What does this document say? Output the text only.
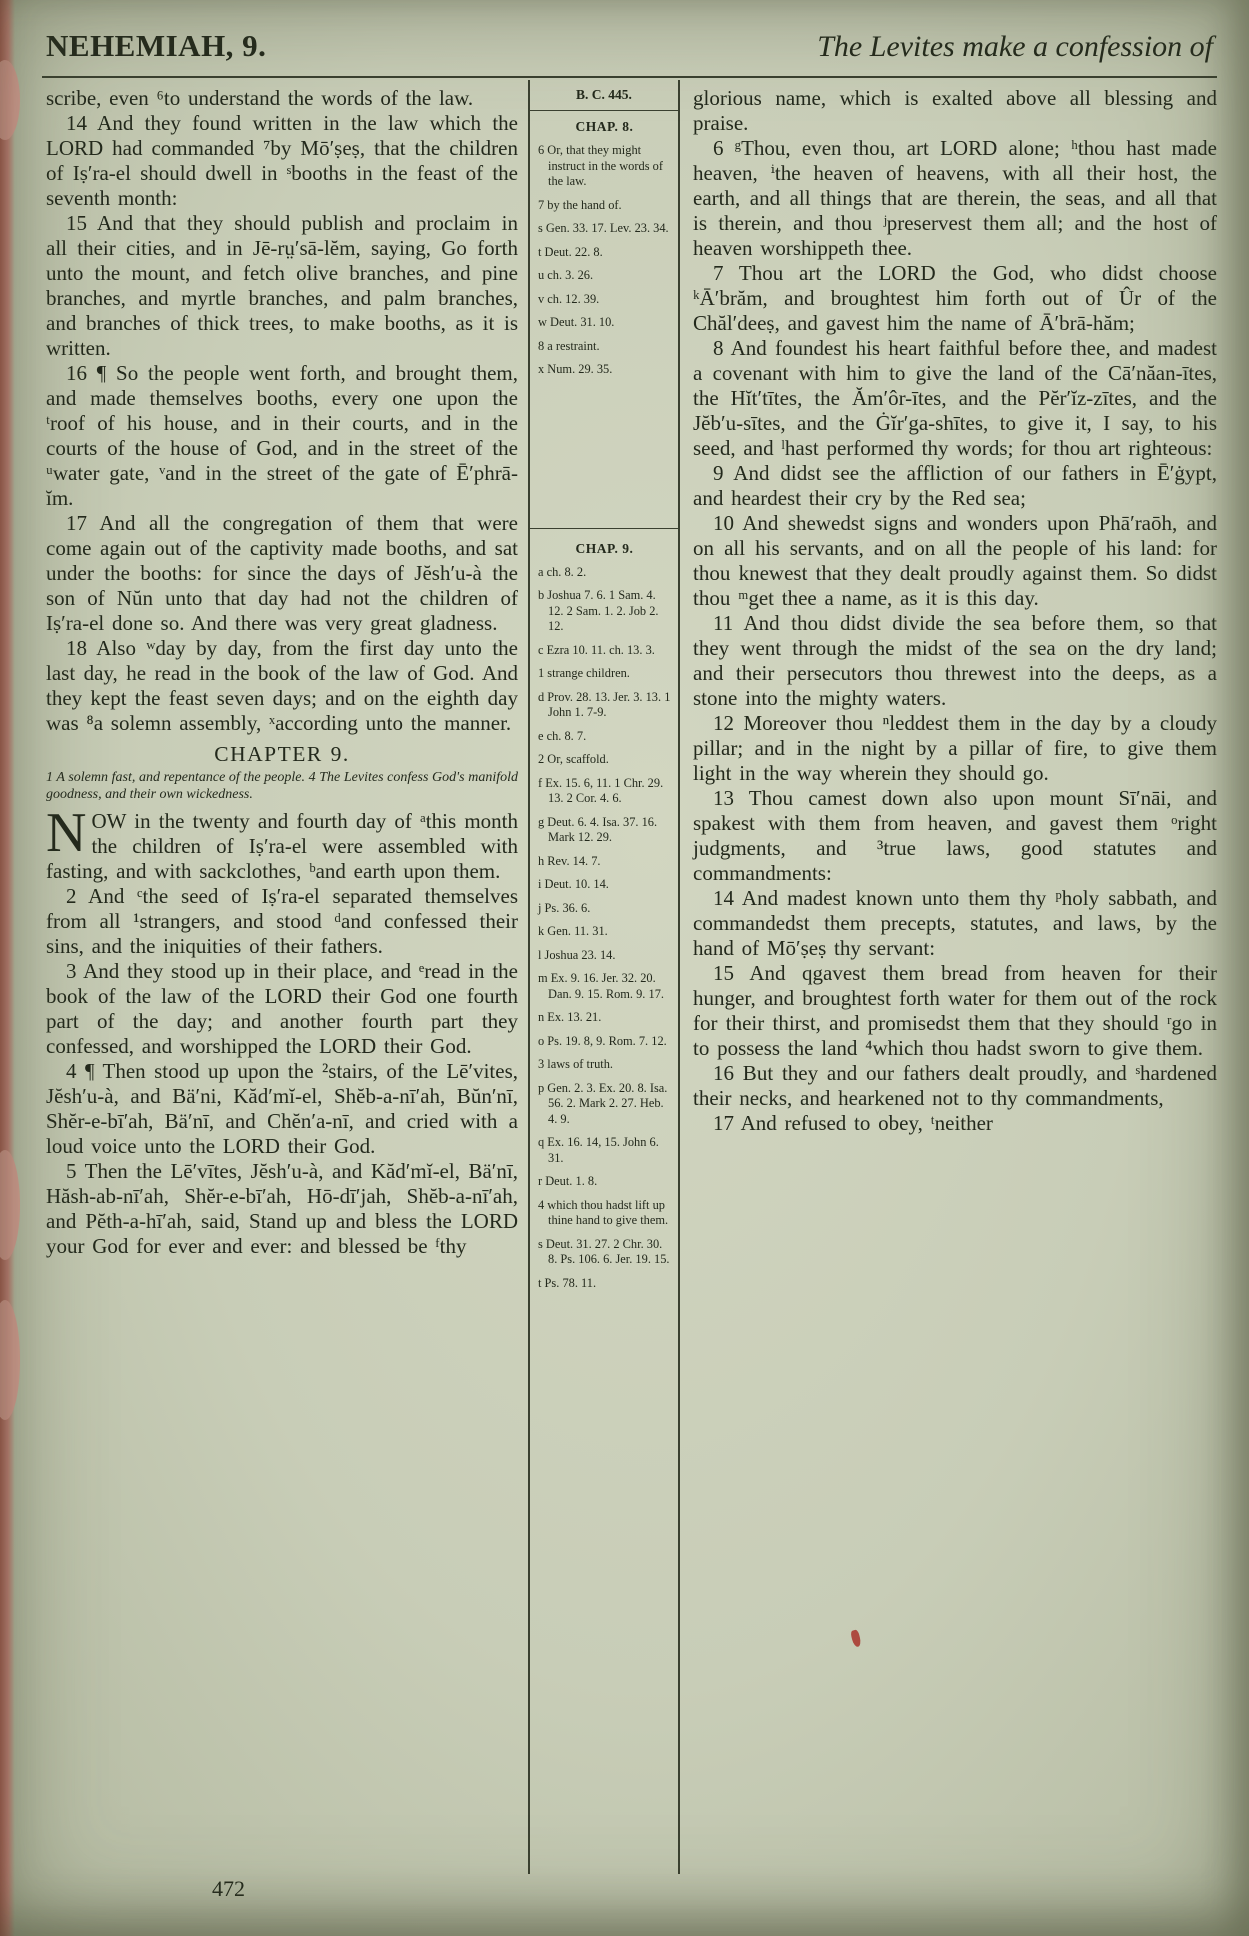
NEHEMIAH, 9.	The Levites make a confession of

scribe, even ⁶to understand the words of the law.

14 And they found written in the law which the LORD had commanded ⁷by Mō′ṣeṣ, that the children of Iṣ′ra-el should dwell in ˢbooths in the feast of the seventh month:

15 And that they should publish and proclaim in all their cities, and in Jē-rṳ′sā-lĕm, saying, Go forth unto the mount, and fetch olive branches, and pine branches, and myrtle branches, and palm branches, and branches of thick trees, to make booths, as it is written.

16 ¶ So the people went forth, and brought them, and made themselves booths, every one upon the ᵗroof of his house, and in their courts, and in the courts of the house of God, and in the street of the ᵘwater gate, ᵛand in the street of the gate of Ē′phrā-ĭm.

17 And all the congregation of them that were come again out of the captivity made booths, and sat under the booths: for since the days of Jĕsh′u-à the son of Nŭn unto that day had not the children of Iṣ′ra-el done so. And there was very great gladness.

18 Also ʷday by day, from the first day unto the last day, he read in the book of the law of God. And they kept the feast seven days; and on the eighth day was ⁸a solemn assembly, ˣaccording unto the manner.

CHAPTER 9.

1 A solemn fast, and repentance of the people. 4 The Levites confess God's manifold goodness, and their own wickedness.

NOW in the twenty and fourth day of ᵃthis month the children of Iṣ′ra-el were assembled with fasting, and with sackclothes, ᵇand earth upon them.

2 And ᶜthe seed of Iṣ′ra-el separated themselves from all ¹strangers, and stood ᵈand confessed their sins, and the iniquities of their fathers.

3 And they stood up in their place, and ᵉread in the book of the law of the LORD their God one fourth part of the day; and another fourth part they confessed, and worshipped the LORD their God.

4 ¶ Then stood up upon the ²stairs, of the Lē′vites, Jĕsh′u-à, and Bä′ni, Kăd′mĭ-el, Shĕb-a-nī′ah, Bŭn′nī, Shĕr-e-bī′ah, Bä′nī, and Chĕn′a-nī, and cried with a loud voice unto the LORD their God.

5 Then the Lē′vītes, Jĕsh′u-à, and Kăd′mĭ-el, Bä′nī, Hăsh-ab-nī′ah, Shĕr-e-bī′ah, Hō-dī′jah, Shĕb-a-nī′ah, and Pĕth-a-hī′ah, said, Stand up and bless the LORD your God for ever and ever: and blessed be ᶠthy

B. C. 445.
CHAP. 8.

6 Or, that they might instruct in the words of the law.

7 by the hand of.

s Gen. 33. 17. Lev. 23. 34.

t Deut. 22. 8.

u ch. 3. 26.

v ch. 12. 39.

w Deut. 31. 10.

8 a restraint.

x Num. 29. 35.

CHAP. 9.

a ch. 8. 2.

b Joshua 7. 6. 1 Sam. 4. 12. 2 Sam. 1. 2. Job 2. 12.

c Ezra 10. 11. ch. 13. 3.

1 strange children.

d Prov. 28. 13. Jer. 3. 13. 1 John 1. 7-9.

e ch. 8. 7.

2 Or, scaffold.

f Ex. 15. 6, 11. 1 Chr. 29. 13. 2 Cor. 4. 6.

g Deut. 6. 4. Isa. 37. 16. Mark 12. 29.

h Rev. 14. 7.

i Deut. 10. 14.

j Ps. 36. 6.

k Gen. 11. 31.

l Joshua 23. 14.

m Ex. 9. 16. Jer. 32. 20. Dan. 9. 15. Rom. 9. 17.

n Ex. 13. 21.

o Ps. 19. 8, 9. Rom. 7. 12.

3 laws of truth.

p Gen. 2. 3. Ex. 20. 8. Isa. 56. 2. Mark 2. 27. Heb. 4. 9.

q Ex. 16. 14, 15. John 6. 31.

r Deut. 1. 8.

4 which thou hadst lift up thine hand to give them.

s Deut. 31. 27. 2 Chr. 30. 8. Ps. 106. 6. Jer. 19. 15.

t Ps. 78. 11.

glorious name, which is exalted above all blessing and praise.

6 ᵍThou, even thou, art LORD alone; ʰthou hast made heaven, ⁱthe heaven of heavens, with all their host, the earth, and all things that are therein, the seas, and all that is therein, and thou ʲpreservest them all; and the host of heaven worshippeth thee.

7 Thou art the LORD the God, who didst choose ᵏĀ′brăm, and broughtest him forth out of Ûr of the Chăl′deeṣ, and gavest him the name of Ā′brā-hăm;

8 And foundest his heart faithful before thee, and madest a covenant with him to give the land of the Cā′năan-ītes, the Hĭt′tītes, the Ăm′ôr-ītes, and the Pĕr′ĭz-zītes, and the Jĕb′u-sītes, and the Ġĭr′ga-shītes, to give it, I say, to his seed, and ˡhast performed thy words; for thou art righteous:

9 And didst see the affliction of our fathers in Ē′ġypt, and heardest their cry by the Red sea;

10 And shewedst signs and wonders upon Phā′raōh, and on all his servants, and on all the people of his land: for thou knewest that they dealt proudly against them. So didst thou ᵐget thee a name, as it is this day.

11 And thou didst divide the sea before them, so that they went through the midst of the sea on the dry land; and their persecutors thou threwest into the deeps, as a stone into the mighty waters.

12 Moreover thou ⁿleddest them in the day by a cloudy pillar; and in the night by a pillar of fire, to give them light in the way wherein they should go.

13 Thou camest down also upon mount Sī′nāi, and spakest with them from heaven, and gavest them ᵒright judgments, and ³true laws, good statutes and commandments:

14 And madest known unto them thy ᵖholy sabbath, and commandedst them precepts, statutes, and laws, by the hand of Mō′ṣeṣ thy servant:

15 And qgavest them bread from heaven for their hunger, and broughtest forth water for them out of the rock for their thirst, and promisedst them that they should ʳgo in to possess the land ⁴which thou hadst sworn to give them.

16 But they and our fathers dealt proudly, and ˢhardened their necks, and hearkened not to thy commandments,

17 And refused to obey, ᵗneither

472
